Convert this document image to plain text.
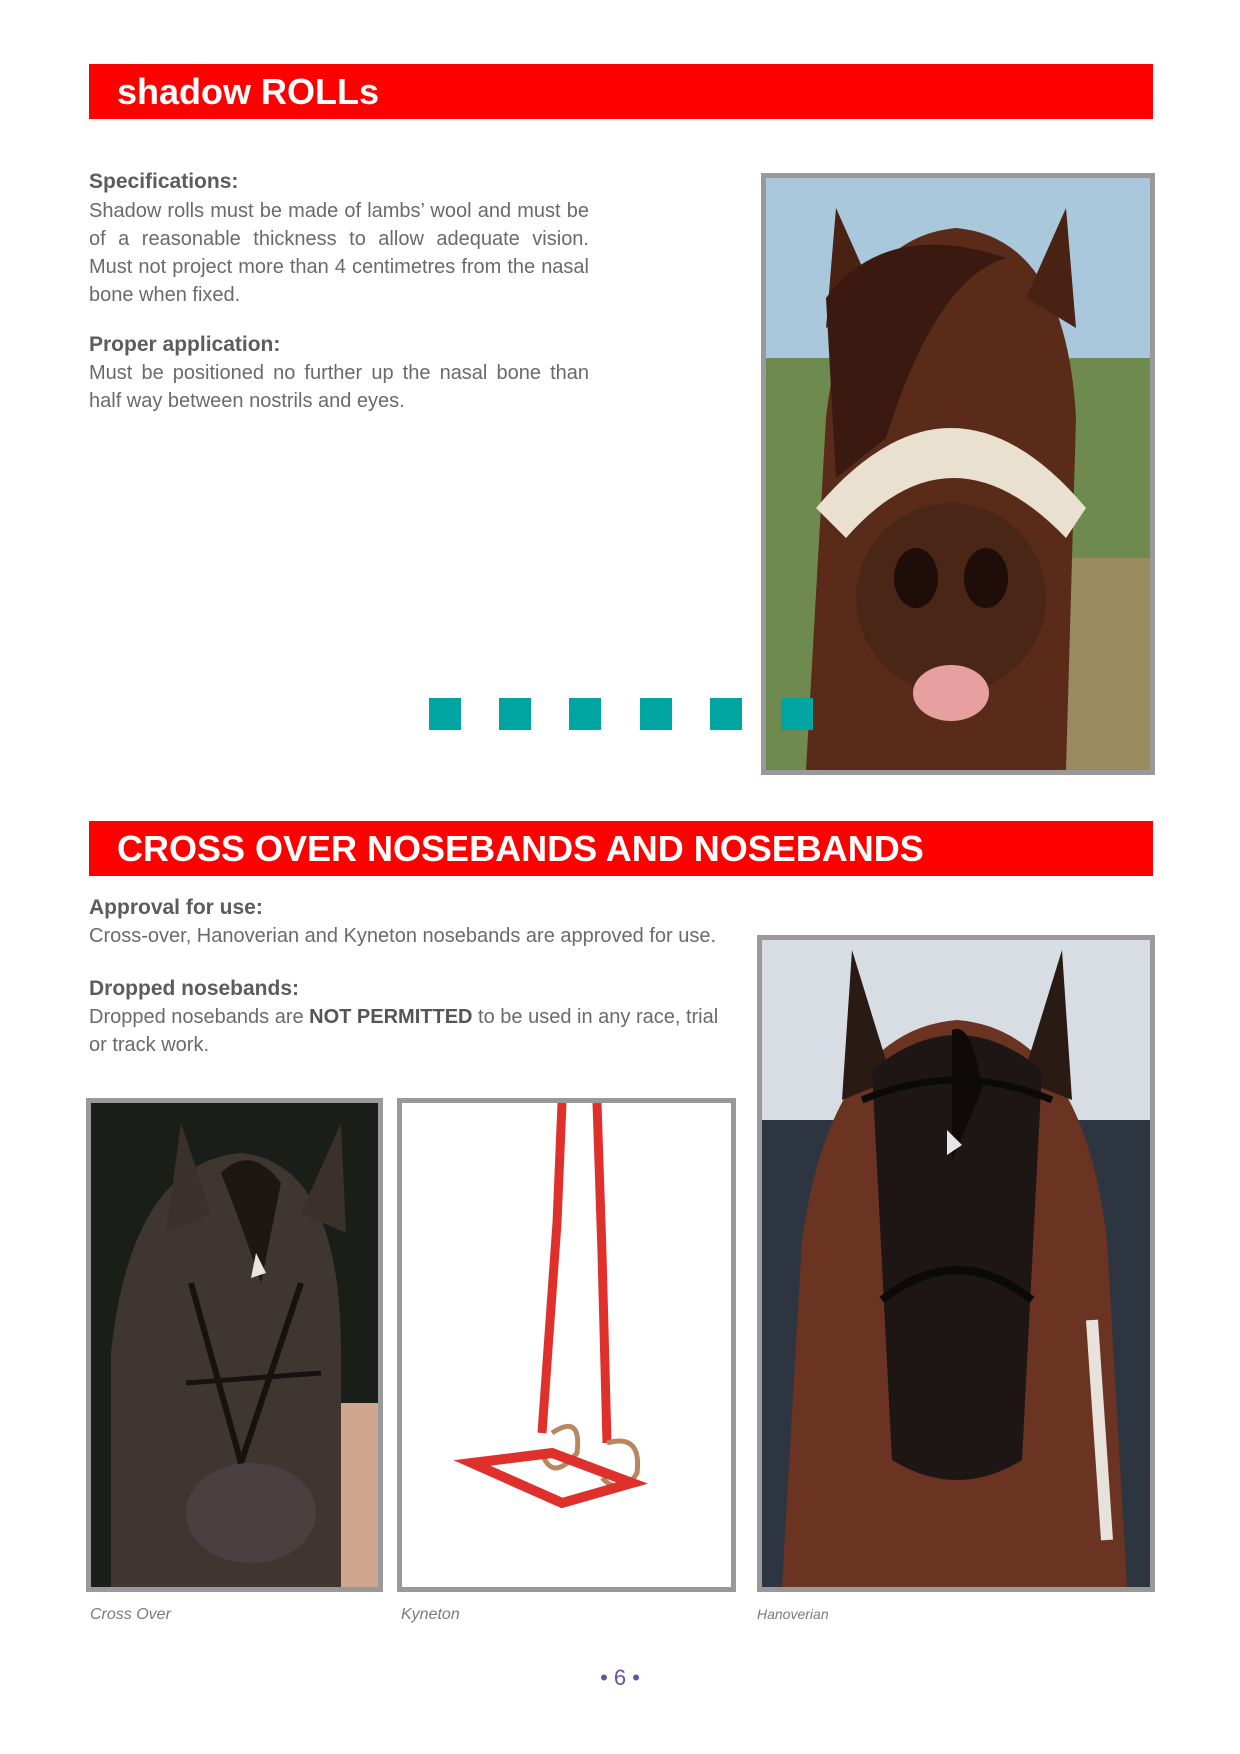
shadow ROLLs
Specifications:
Shadow rolls must be made of lambs’ wool and must be of a reasonable thickness to allow adequate vision. Must not project more than 4 centimetres from the nasal bone when fixed.
Proper application:
Must be positioned no further up the nasal bone than half way between nostrils and eyes.
CROSS OVER NOSEBANDS AND NOSEBANDS
Approval for use:
Cross-over, Hanoverian and Kyneton nosebands are approved for use.
Dropped nosebands:
Dropped nosebands are NOT PERMITTED to be used in any race, trial or track work.
Cross Over	Kyneton	Hanoverian
• 6 •
